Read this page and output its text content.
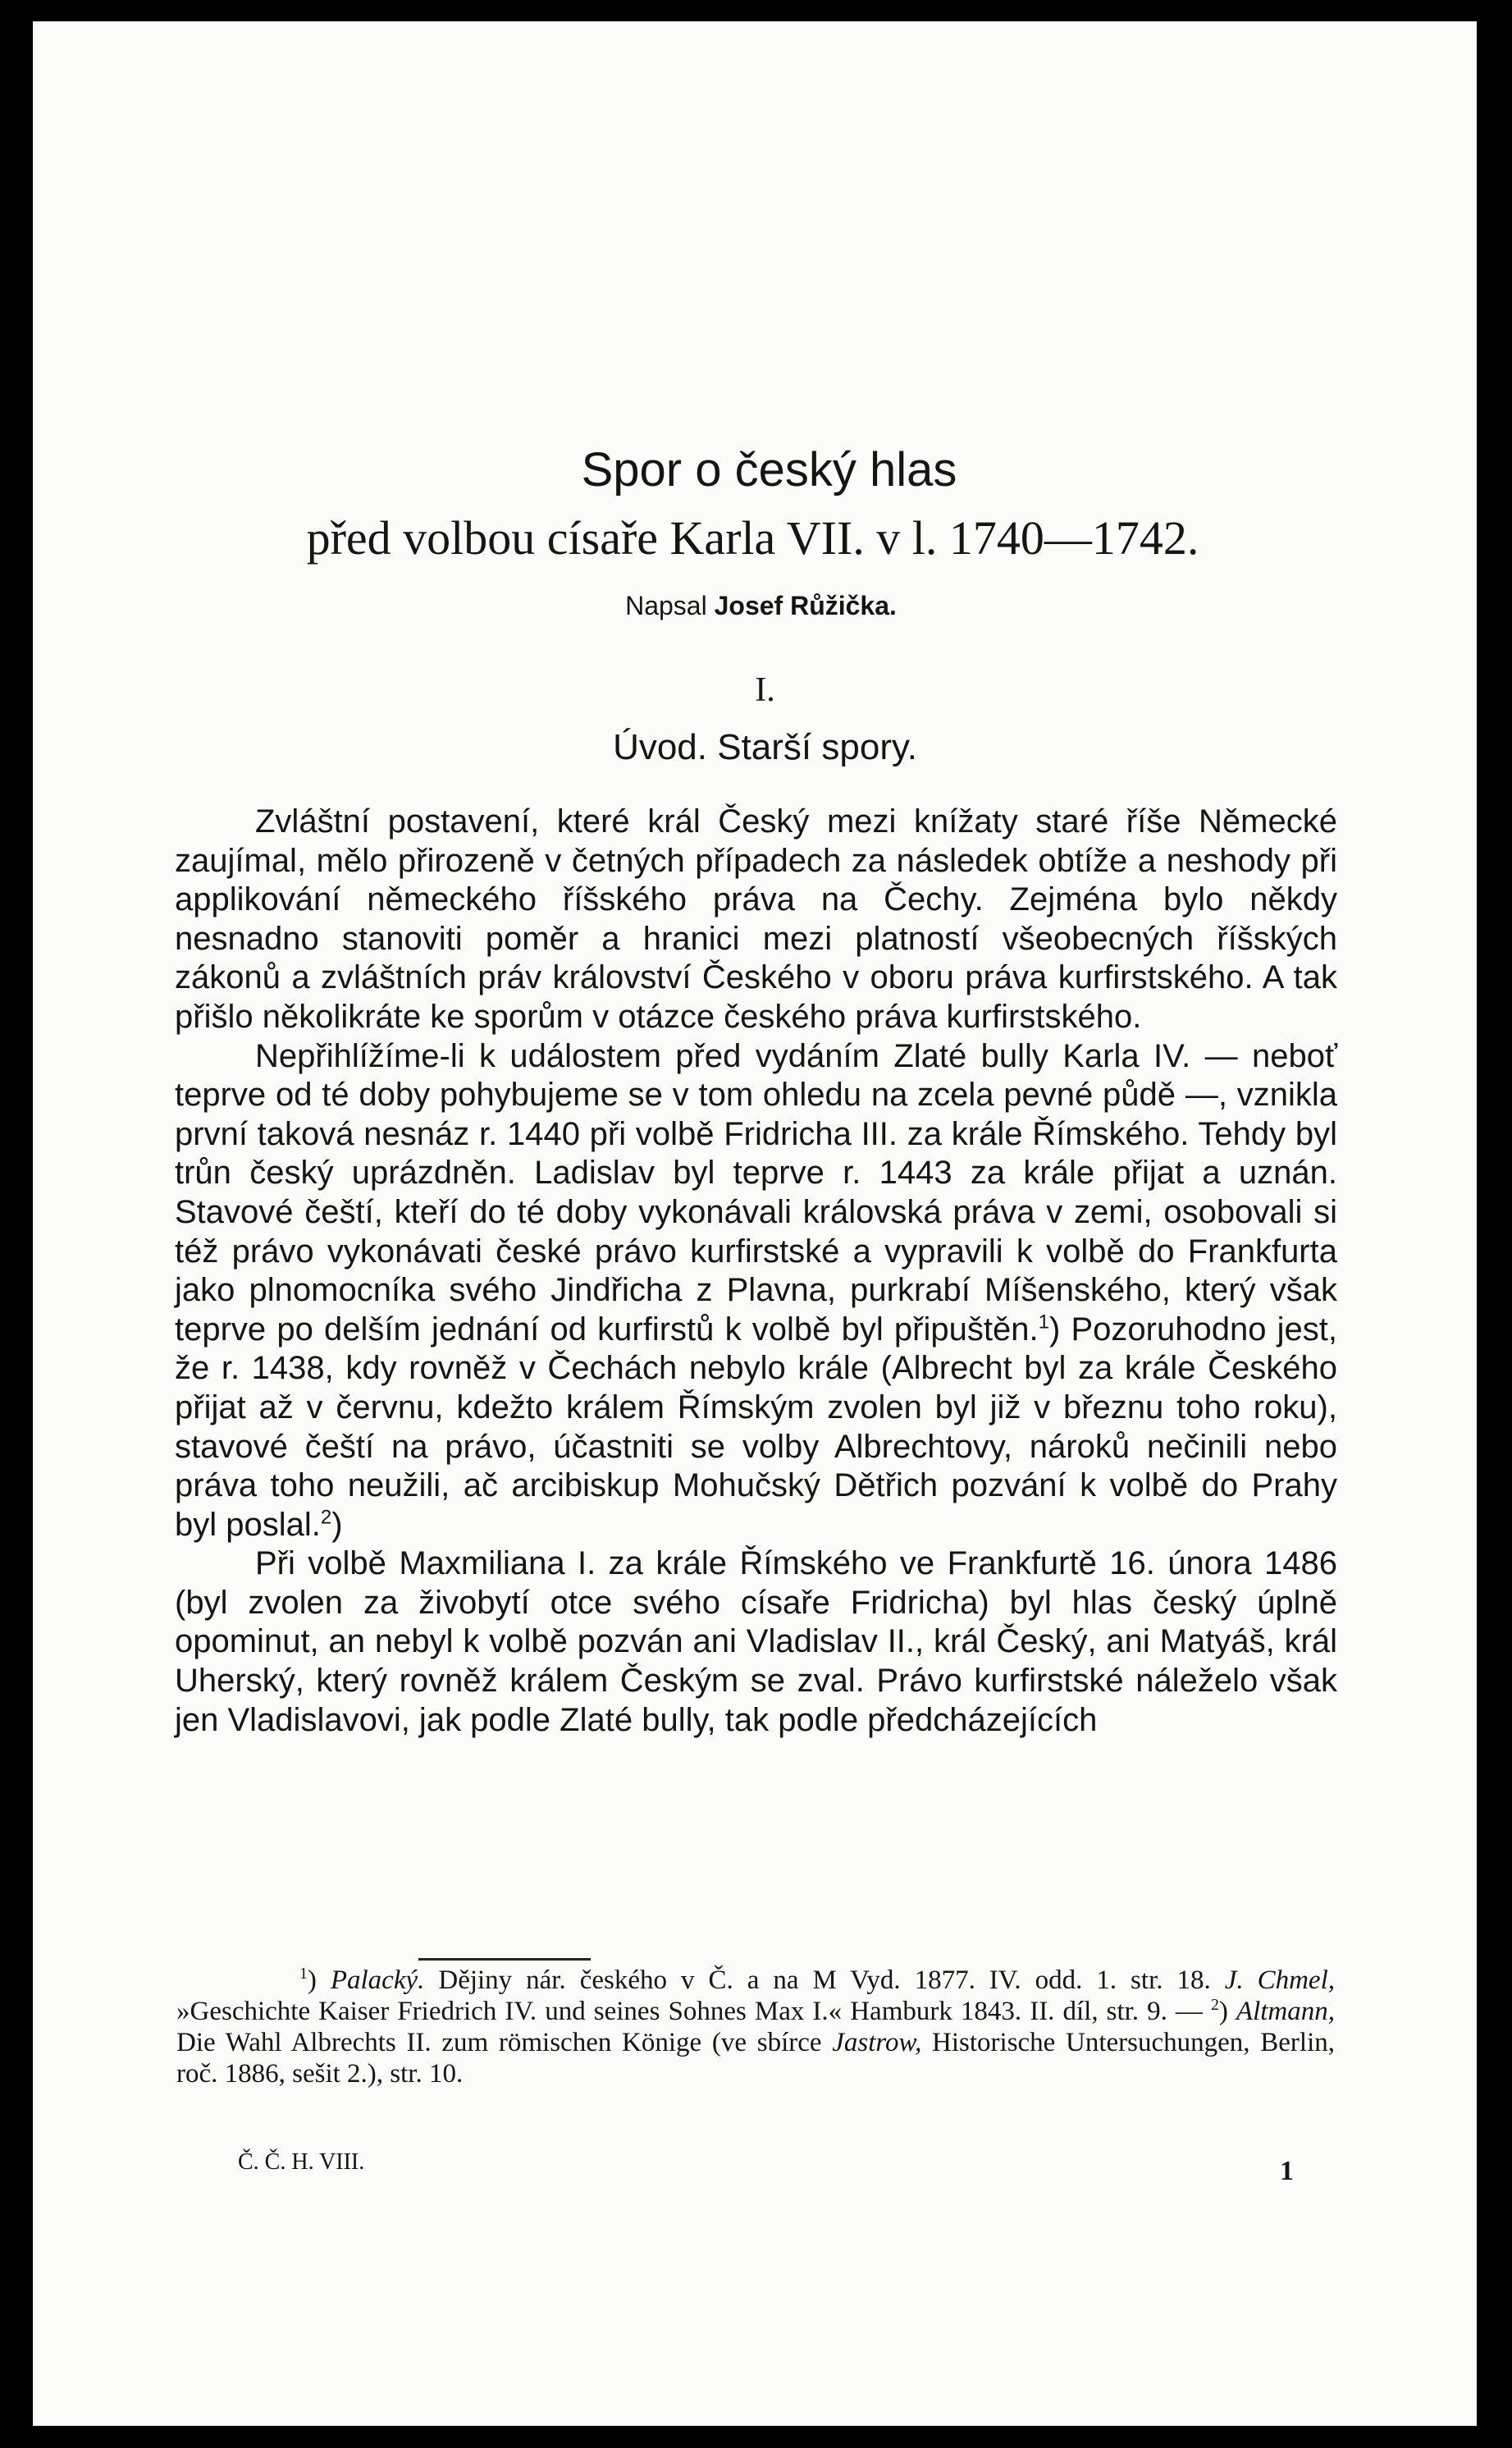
Spor o český hlas
před volbou císaře Karla VII. v l. 1740—1742.
Napsal Josef Růžička.
I.
Úvod. Starší spory.

Zvláštní postavení, které král Český mezi knížaty staré říše Německé zaujímal, mělo přirozeně v četných případech za následek obtíže a neshody při applikování německého říšského práva na Čechy. Zejména bylo někdy nesnadno stanoviti poměr a hranici mezi platností všeobecných říšských zákonů a zvláštních práv království Českého v oboru práva kurfirstského. A tak přišlo několikráte ke sporům v otázce českého práva kurfirstského.

Nepřihlížíme-li k událostem před vydáním Zlaté bully Karla IV. — neboť teprve od té doby pohybujeme se v tom ohledu na zcela pevné půdě —, vznikla první taková nesnáz r. 1440 při volbě Fridricha III. za krále Římského. Tehdy byl trůn český uprázdněn. Ladislav byl teprve r. 1443 za krále přijat a uznán. Stavové čeští, kteří do té doby vykonávali královská práva v zemi, osobovali si též právo vykonávati české právo kurfirstské a vypravili k volbě do Frankfurta jako plnomocníka svého Jindřicha z Plavna, purkrabí Míšenského, který však teprve po delším jednání od kurfirstů k volbě byl připuštěn.$^1$) Pozoruhodno jest, že r. 1438, kdy rovněž v Čechách nebylo krále (Albrecht byl za krále Českého přijat až v červnu, kdežto králem Římským zvolen byl již v březnu toho roku), stavové čeští na právo, účastniti se volby Albrechtovy, nároků nečinili nebo práva toho neužili, ač arcibiskup Mohučský Dětřich pozvání k volbě do Prahy byl poslal.$^2$)

Při volbě Maxmiliana I. za krále Římského ve Frankfurtě 16. února 1486 (byl zvolen za živobytí otce svého císaře Fridricha) byl hlas český úplně opominut, an nebyl k volbě pozván ani Vladislav II., král Český, ani Matyáš, král Uherský, který rovněž králem Českým se zval. Právo kurfirstské náleželo však jen Vladislavovi, jak podle Zlaté bully, tak podle předcházejících

$^1$) Palacký. Dějiny nár. českého v Č. a na M Vyd. 1877. IV. odd. 1. str. 18. J. Chmel, »Geschichte Kaiser Friedrich IV. und seines Sohnes Max I.« Hamburk 1843. II. díl, str. 9. — $^2$) Altmann, Die Wahl Albrechts II. zum römischen Könige (ve sbírce Jastrow, Historische Untersuchungen, Berlin, roč. 1886, sešit 2.), str. 10.

Č. Č. H. VIII.	1
